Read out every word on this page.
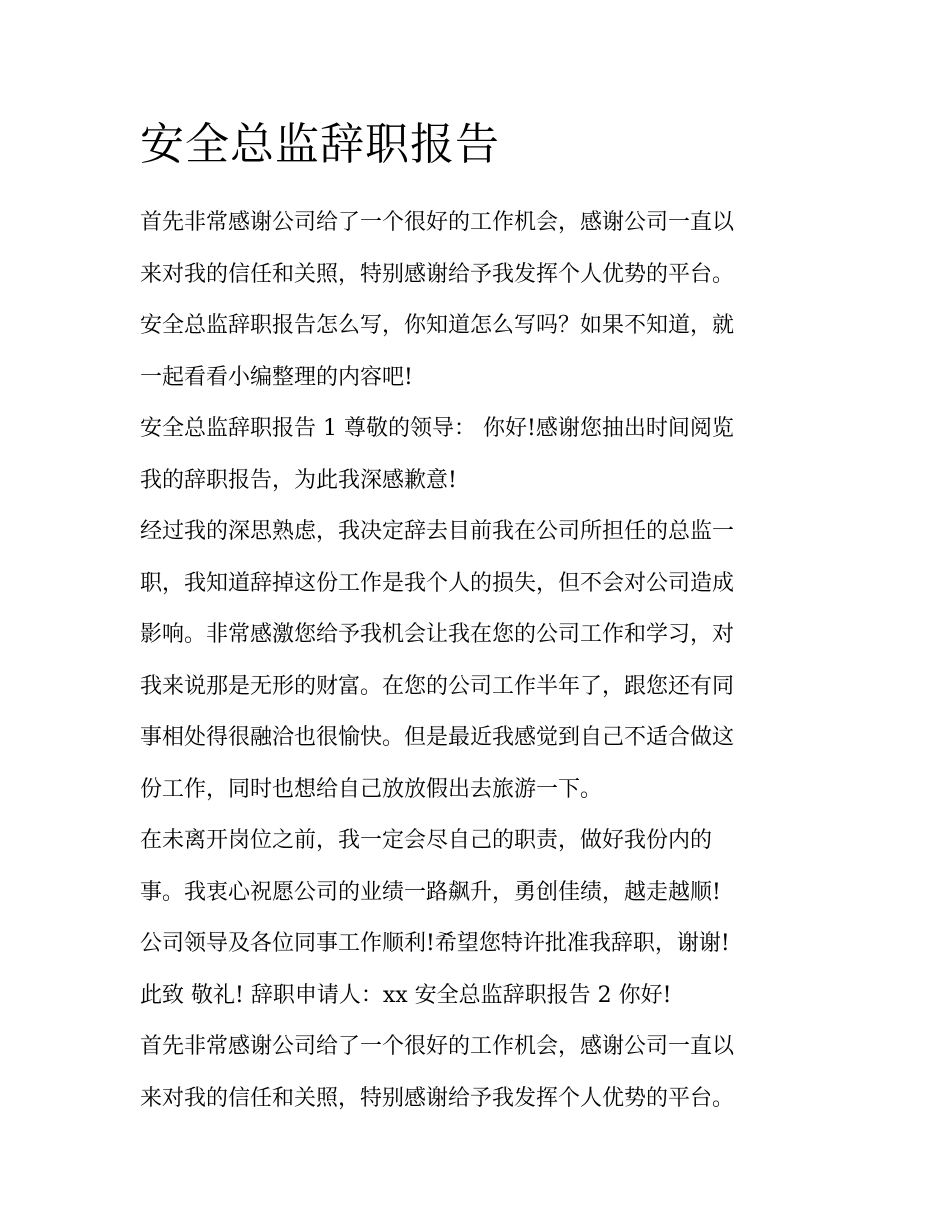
安全总监辞职报告

首先非常感谢公司给了一个很好的工作机会，感谢公司一直以
来对我的信任和关照，特别感谢给予我发挥个人优势的平台。

安全总监辞职报告怎么写，你知道怎么写吗？如果不知道，就
一起看看小编整理的内容吧!

安全总监辞职报告 1 尊敬的领导： 你好!感谢您抽出时间阅览
我的辞职报告，为此我深感歉意!

经过我的深思熟虑，我决定辞去目前我在公司所担任的总监一
职，我知道辞掉这份工作是我个人的损失，但不会对公司造成
影响。非常感激您给予我机会让我在您的公司工作和学习，对
我来说那是无形的财富。在您的公司工作半年了，跟您还有同
事相处得很融洽也很愉快。但是最近我感觉到自己不适合做这
份工作，同时也想给自己放放假出去旅游一下。

在未离开岗位之前，我一定会尽自己的职责，做好我份内的
事。我衷心祝愿公司的业绩一路飙升，勇创佳绩，越走越顺!
公司领导及各位同事工作顺利!希望您特许批准我辞职，谢谢!
此致 敬礼! 辞职申请人：xx 安全总监辞职报告 2 你好!

首先非常感谢公司给了一个很好的工作机会，感谢公司一直以
来对我的信任和关照，特别感谢给予我发挥个人优势的平台。
